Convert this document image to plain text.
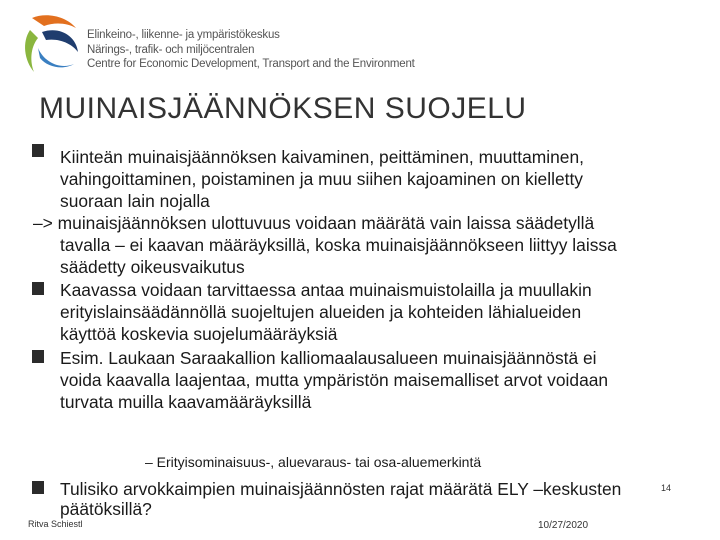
Elinkeino-, liikenne- ja ympäristökeskus
Närings-, trafik- och miljöcentralen
Centre for Economic Development, Transport and the Environment
MUINAISJÄÄNNÖKSEN SUOJELU
Kiinteän muinaisjäännöksen kaivaminen, peittäminen, muuttaminen,
vahingoittaminen, poistaminen ja muu siihen kajoaminen on kielletty
suoraan lain nojalla
–> muinaisjäännöksen ulottuvuus voidaan määrätä vain laissa säädetyllä
tavalla – ei kaavan määräyksillä, koska muinaisjäännökseen liittyy laissa
säädetty oikeusvaikutus
Kaavassa voidaan tarvittaessa antaa muinaismuistolailla ja muullakin
erityislainsäädännöllä suojeltujen alueiden ja kohteiden lähialueiden
käyttöä koskevia suojelumääräyksiä
Esim. Laukaan Saraakallion kalliomaalausalueen muinaisjäännöstä ei
voida kaavalla laajentaa, mutta ympäristön maisemalliset arvot voidaan
turvata muilla kaavamääräyksillä
– Erityisominaisuus-, aluevaraus- tai osa-aluemerkintä
Tulisiko arvokkaimpien muinaisjäännösten rajat määrätä ELY –keskusten
päätöksillä?
14
Ritva Schiestl	10/27/2020
